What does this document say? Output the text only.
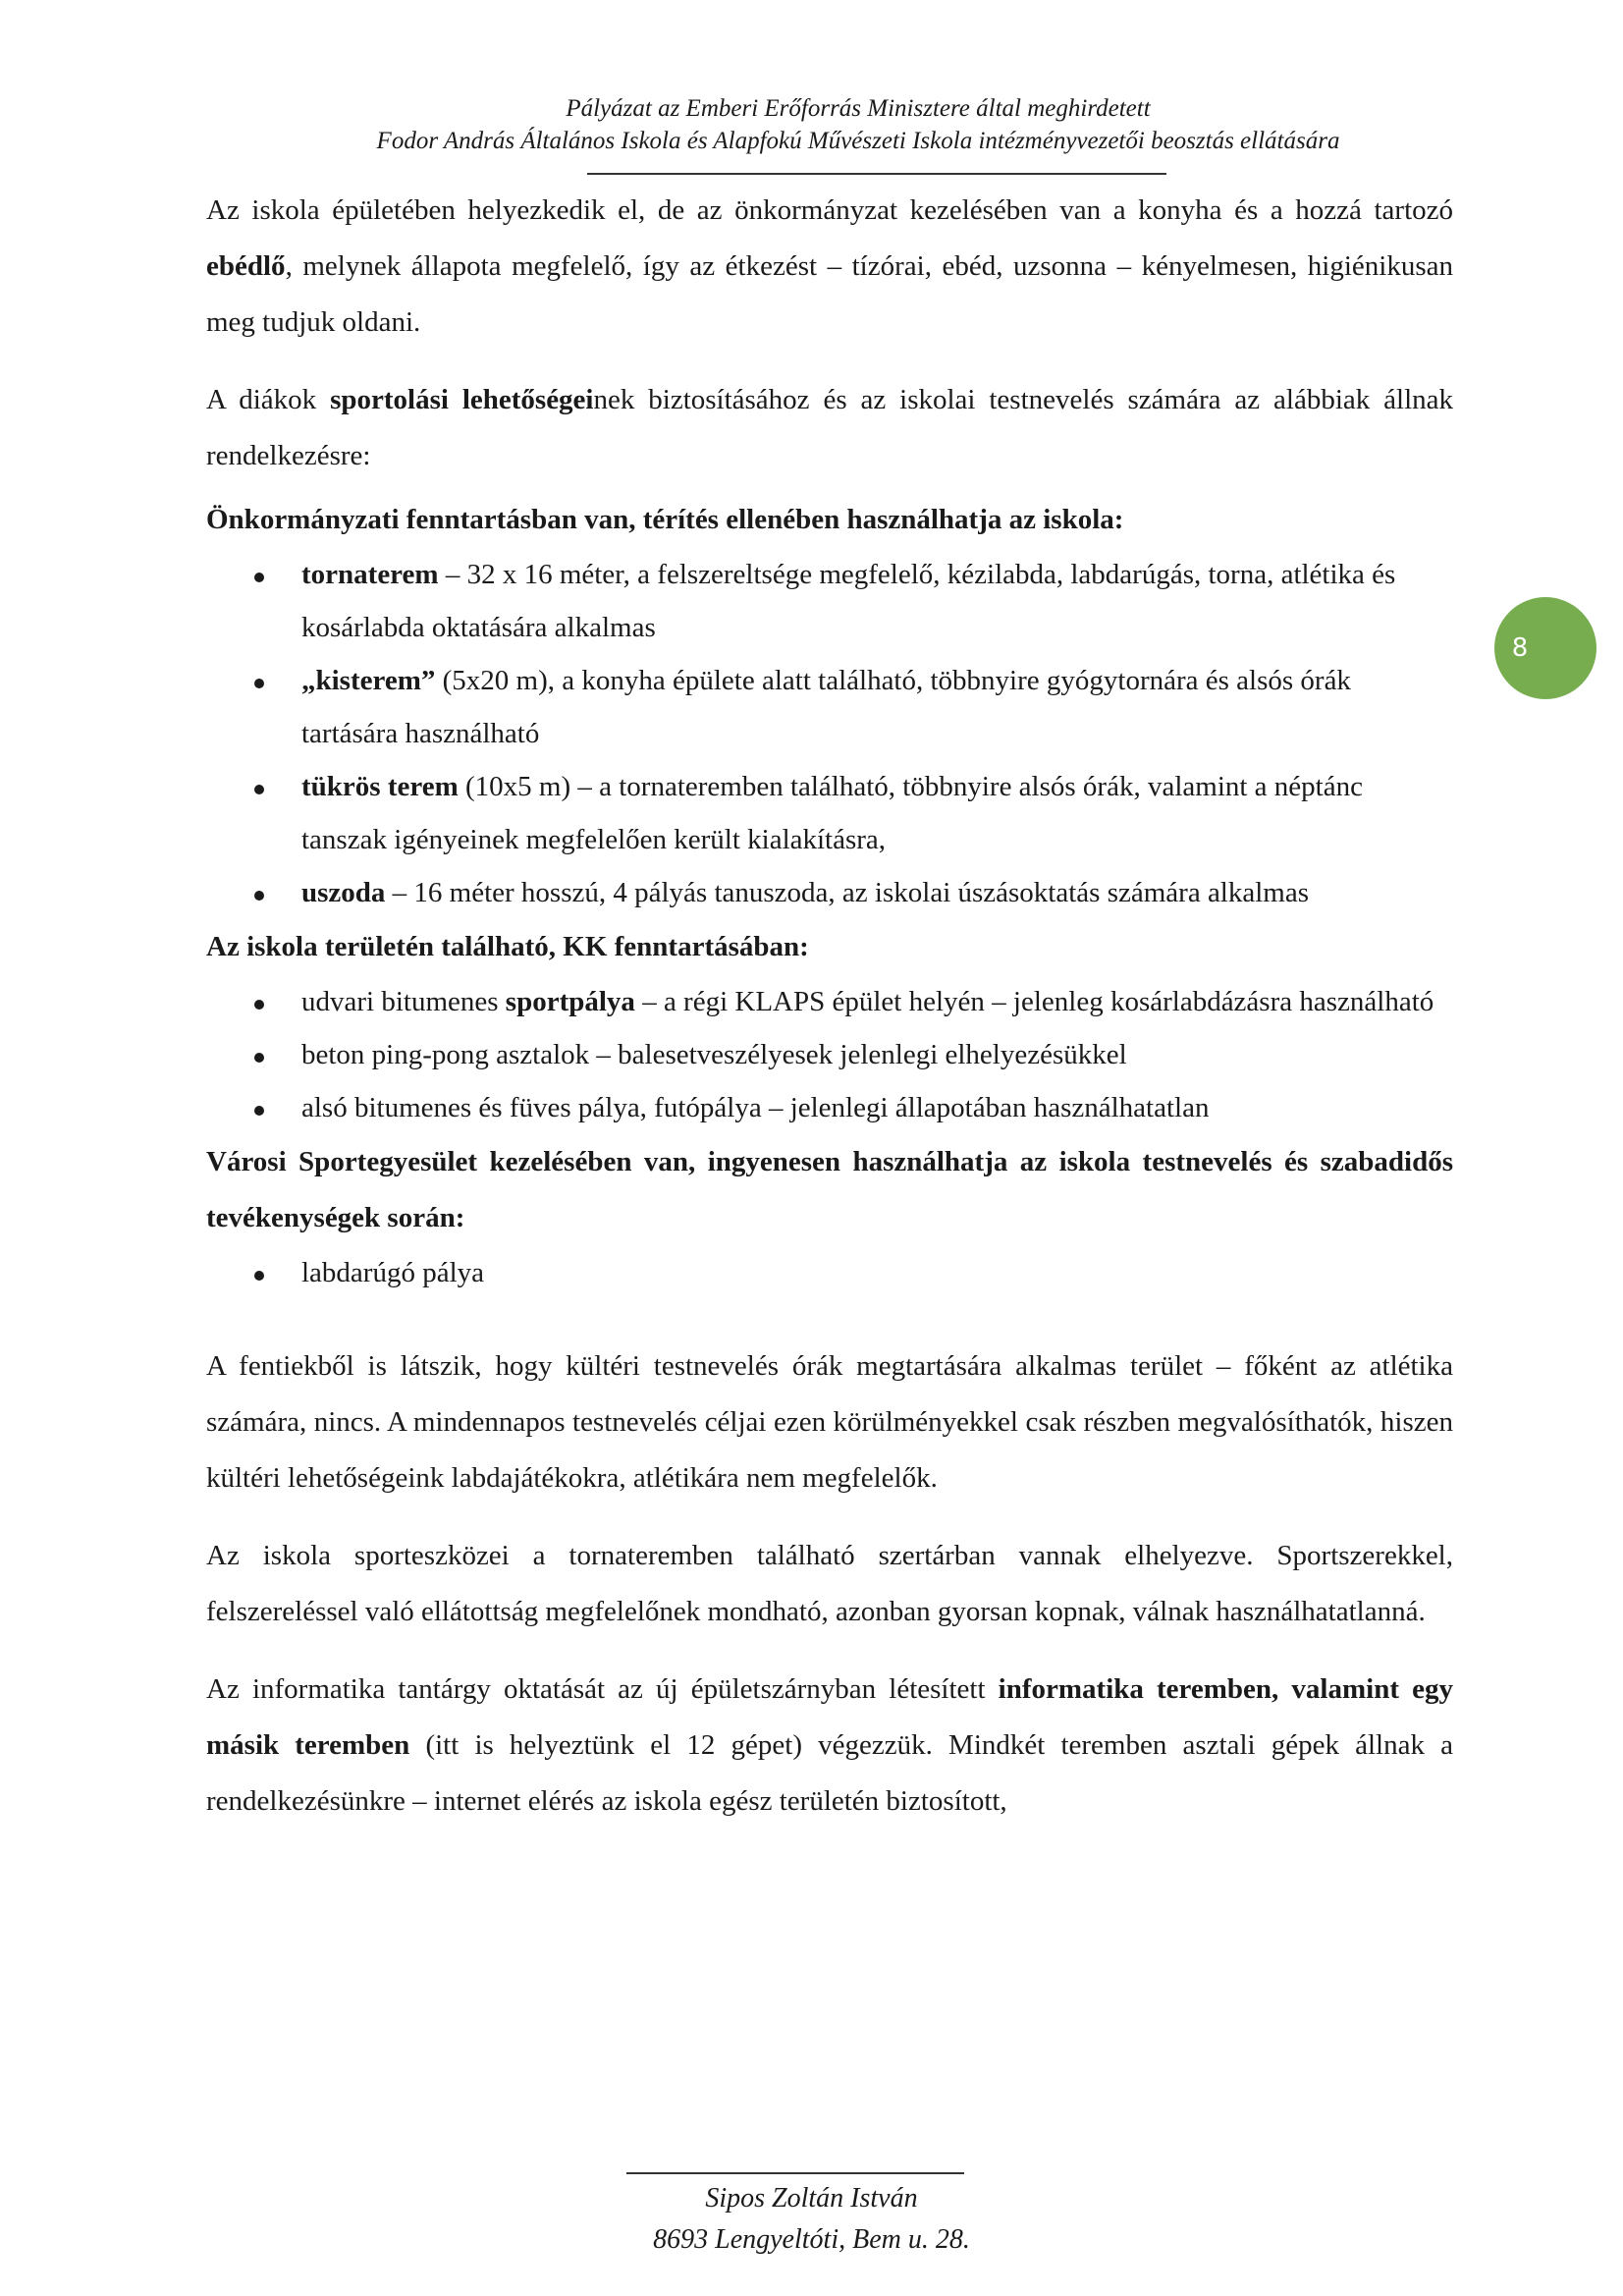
Pályázat az Emberi Erőforrás Minisztere által meghirdetett
Fodor András Általános Iskola és Alapfokú Művészeti Iskola intézményvezetői beosztás ellátására
8

Az iskola épületében helyezkedik el, de az önkormányzat kezelésében van a konyha és a hozzá tartozó ebédlő, melynek állapota megfelelő, így az étkezést – tízórai, ebéd, uzsonna – kényelmesen, higiénikusan meg tudjuk oldani.

A diákok sportolási lehetőségeinek biztosításához és az iskolai testnevelés számára az alábbiak állnak rendelkezésre:

Önkormányzati fenntartásban van, térítés ellenében használhatja az iskola:

tornaterem – 32 x 16 méter, a felszereltsége megfelelő, kézilabda, labdarúgás, torna, atlétika és kosárlabda oktatására alkalmas
„kisterem” (5x20 m), a konyha épülete alatt található, többnyire gyógytornára és alsós órák tartására használható
tükrös terem (10x5 m) – a tornateremben található, többnyire alsós órák, valamint a néptánc tanszak igényeinek megfelelően került kialakításra,
uszoda – 16 méter hosszú, 4 pályás tanuszoda, az iskolai úszásoktatás számára alkalmas

Az iskola területén található, KK fenntartásában:

udvari bitumenes sportpálya – a régi KLAPS épület helyén – jelenleg kosárlabdázásra használható
beton ping-pong asztalok – balesetveszélyesek jelenlegi elhelyezésükkel
alsó bitumenes és füves pálya, futópálya – jelenlegi állapotában használhatatlan

Városi Sportegyesület kezelésében van, ingyenesen használhatja az iskola testnevelés és szabadidős tevékenységek során:

labdarúgó pálya

A fentiekből is látszik, hogy kültéri testnevelés órák megtartására alkalmas terület – főként az atlétika számára, nincs. A mindennapos testnevelés céljai ezen körülményekkel csak részben megvalósíthatók, hiszen kültéri lehetőségeink labdajátékokra, atlétikára nem megfelelők.

Az iskola sporteszközei a tornateremben található szertárban vannak elhelyezve. Sportszerekkel, felszereléssel való ellátottság megfelelőnek mondható, azonban gyorsan kopnak, válnak használhatatlanná.

Az informatika tantárgy oktatását az új épületszárnyban létesített informatika teremben, valamint egy másik teremben (itt is helyeztünk el 12 gépet) végezzük. Mindkét teremben asztali gépek állnak a rendelkezésünkre – internet elérés az iskola egész területén biztosított,

Sipos Zoltán István
8693 Lengyeltóti, Bem u. 28.
